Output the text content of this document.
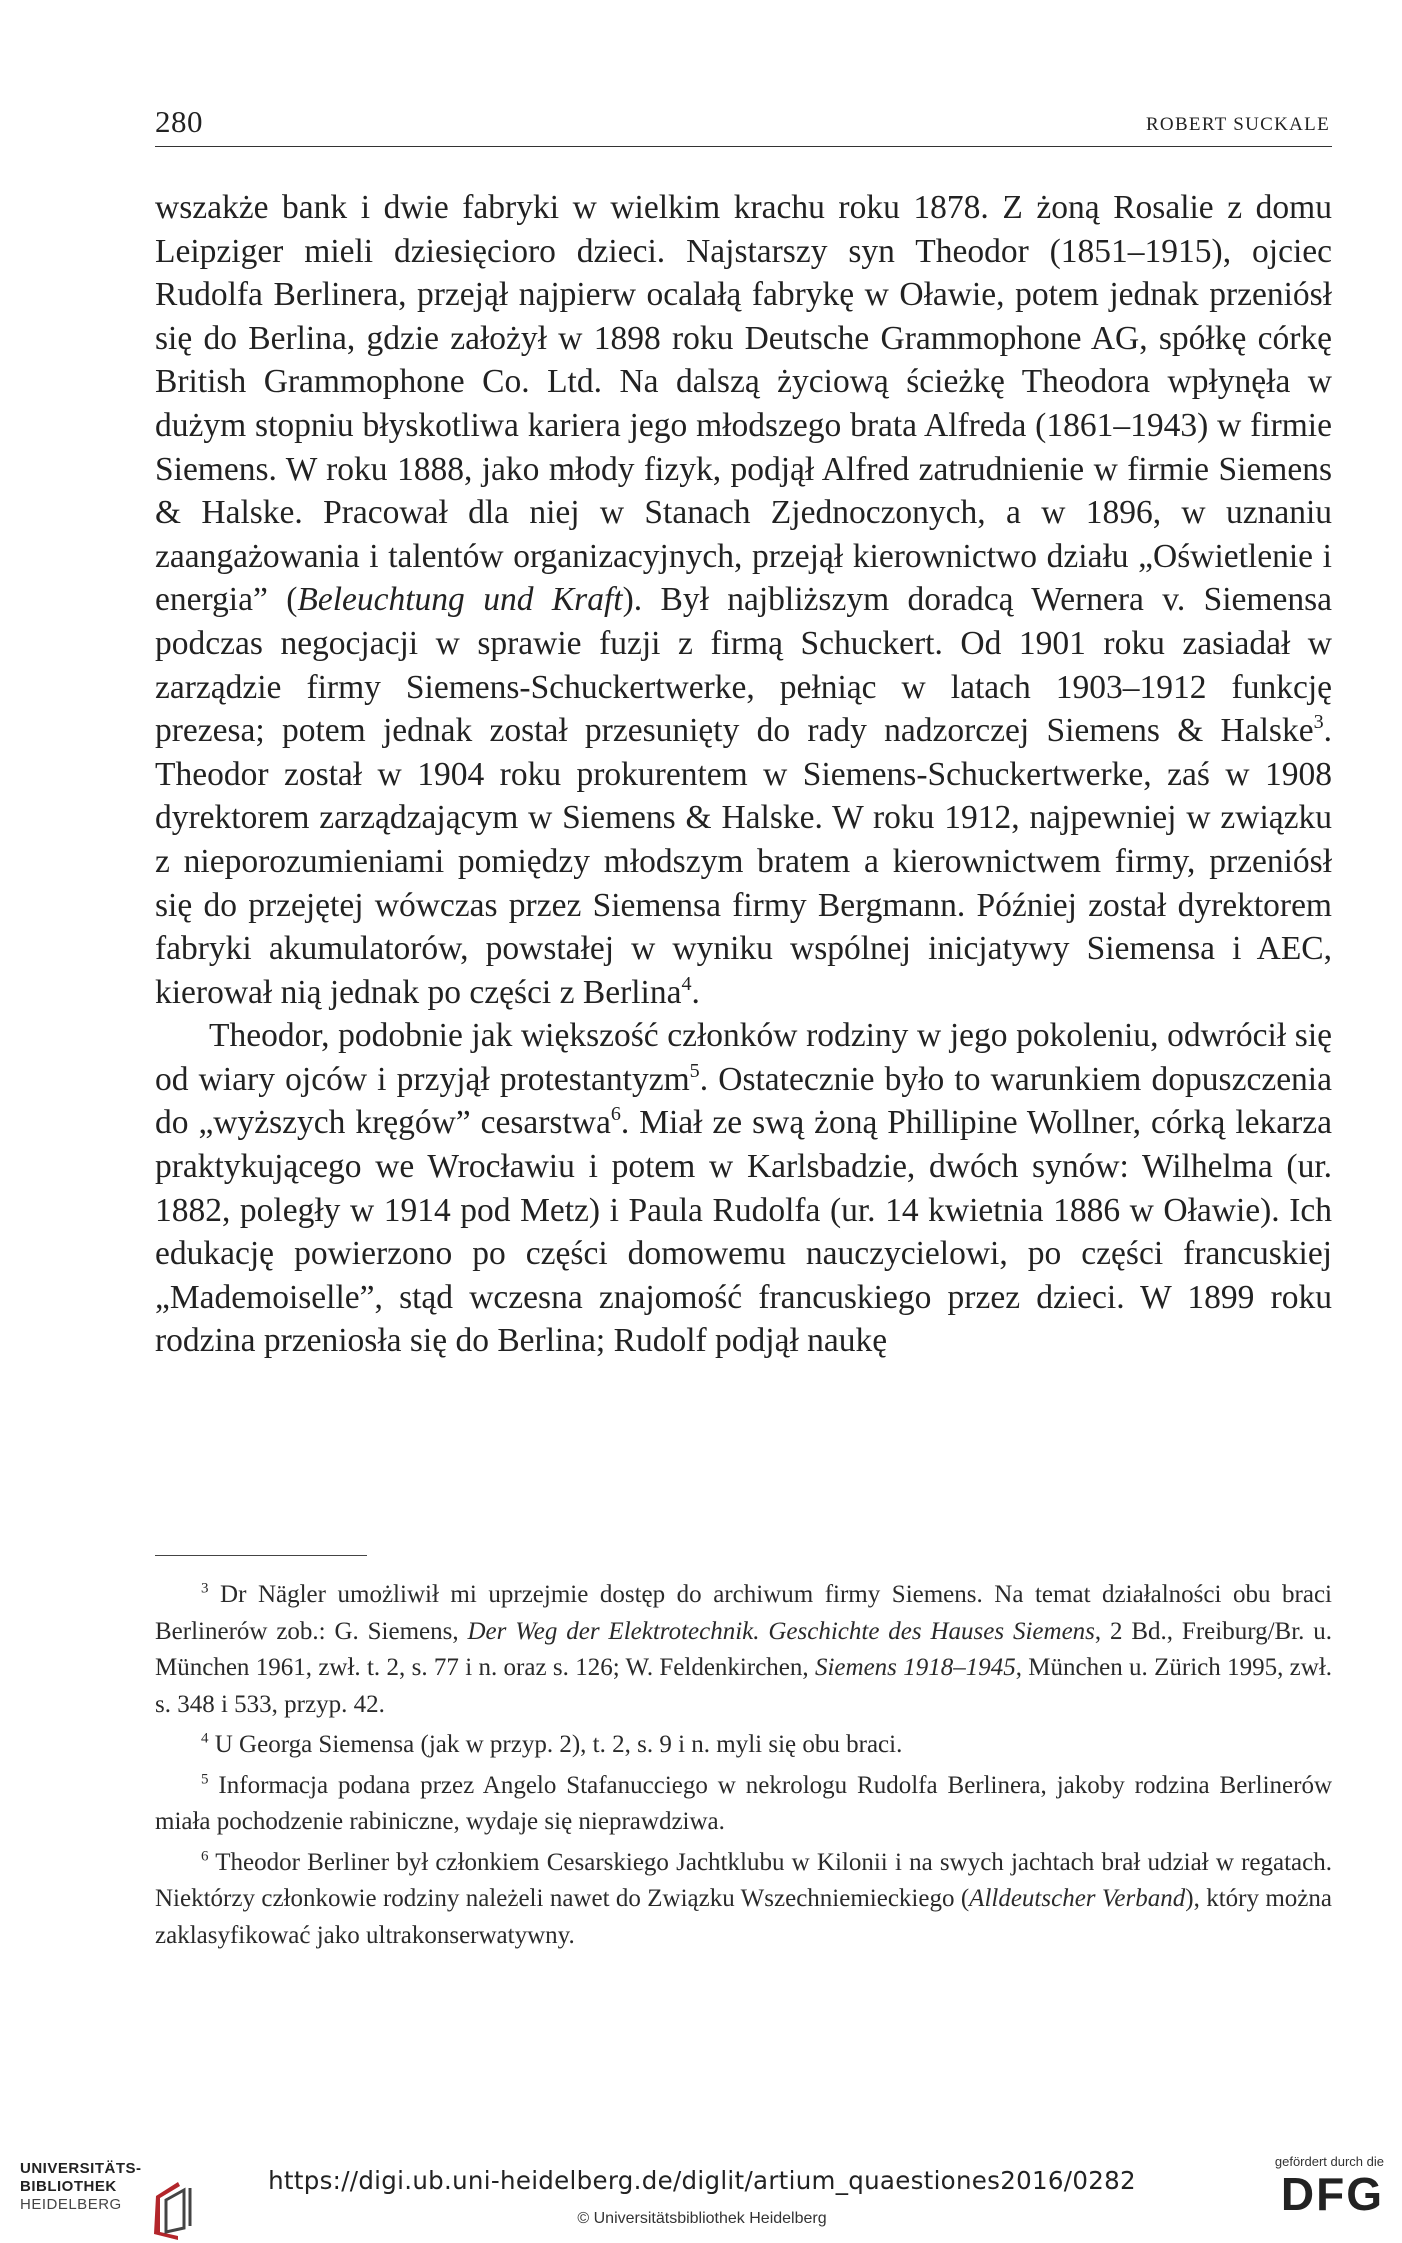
280	ROBERT SUCKALE

wszakże bank i dwie fabryki w wielkim krachu roku 1878. Z żoną Rosalie z domu Leipziger mieli dziesięcioro dzieci. Najstarszy syn Theodor (1851–1915), ojciec Rudolfa Berlinera, przejął najpierw ocalałą fabrykę w Oławie, potem jednak przeniósł się do Berlina, gdzie założył w 1898 roku Deutsche Grammophone AG, spółkę córkę British Grammophone Co. Ltd. Na dalszą życiową ścieżkę Theodora wpłynęła w dużym stopniu błyskotliwa kariera jego młodszego brata Alfreda (1861–1943) w firmie Siemens. W roku 1888, jako młody fizyk, podjął Alfred zatrudnienie w firmie Siemens & Halske. Pracował dla niej w Stanach Zjednoczonych, a w 1896, w uznaniu zaangażowania i talentów organizacyjnych, przejął kierownictwo działu „Oświetlenie i energia” (Beleuchtung und Kraft). Był najbliższym doradcą Wernera v. Siemensa podczas negocjacji w sprawie fuzji z firmą Schuckert. Od 1901 roku zasiadał w zarządzie firmy Siemens-Schuckertwerke, pełniąc w latach 1903–1912 funkcję prezesa; potem jednak został przesunięty do rady nadzorczej Siemens & Halske$^3$. Theodor został w 1904 roku prokurentem w Siemens-Schuckertwerke, zaś w 1908 dyrektorem zarządzającym w Siemens & Halske. W roku 1912, najpewniej w związku z nieporozumieniami pomiędzy młodszym bratem a kierownictwem firmy, przeniósł się do przejętej wówczas przez Siemensa firmy Bergmann. Później został dyrektorem fabryki akumulatorów, powstałej w wyniku wspólnej inicjatywy Siemensa i AEC, kierował nią jednak po części z Berlina$^4$.

Theodor, podobnie jak większość członków rodziny w jego pokoleniu, odwrócił się od wiary ojców i przyjął protestantyzm$^5$. Ostatecznie było to warunkiem dopuszczenia do „wyższych kręgów” cesarstwa$^6$. Miał ze swą żoną Phillipine Wollner, córką lekarza praktykującego we Wrocławiu i potem w Karlsbadzie, dwóch synów: Wilhelma (ur. 1882, poległy w 1914 pod Metz) i Paula Rudolfa (ur. 14 kwietnia 1886 w Oławie). Ich edukację powierzono po części domowemu nauczycielowi, po części francuskiej „Mademoiselle”, stąd wczesna znajomość francuskiego przez dzieci. W 1899 roku rodzina przeniosła się do Berlina; Rudolf podjął naukę

$^3$ Dr Nägler umożliwił mi uprzejmie dostęp do archiwum firmy Siemens. Na temat działalności obu braci Berlinerów zob.: G. Siemens, Der Weg der Elektrotechnik. Geschichte des Hauses Siemens, 2 Bd., Freiburg/Br. u. München 1961, zwł. t. 2, s. 77 i n. oraz s. 126; W. Feldenkirchen, Siemens 1918–1945, München u. Zürich 1995, zwł. s. 348 i 533, przyp. 42.

$^4$ U Georga Siemensa (jak w przyp. 2), t. 2, s. 9 i n. myli się obu braci.

$^5$ Informacja podana przez Angelo Stafanucciego w nekrologu Rudolfa Berlinera, jakoby rodzina Berlinerów miała pochodzenie rabiniczne, wydaje się nieprawdziwa.

$^6$ Theodor Berliner był członkiem Cesarskiego Jachtklubu w Kilonii i na swych jachtach brał udział w regatach. Niektórzy członkowie rodziny należeli nawet do Związku Wszechniemieckiego (Alldeutscher Verband), który można zaklasyfikować jako ultrakonserwatywny.

UNIVERSITÄTS-
BIBLIOTHEK
HEIDELBERG
https://digi.ub.uni-heidelberg.de/diglit/artium_quaestiones2016/0282
© Universitätsbibliothek Heidelberg
gefördert durch die
DFG
